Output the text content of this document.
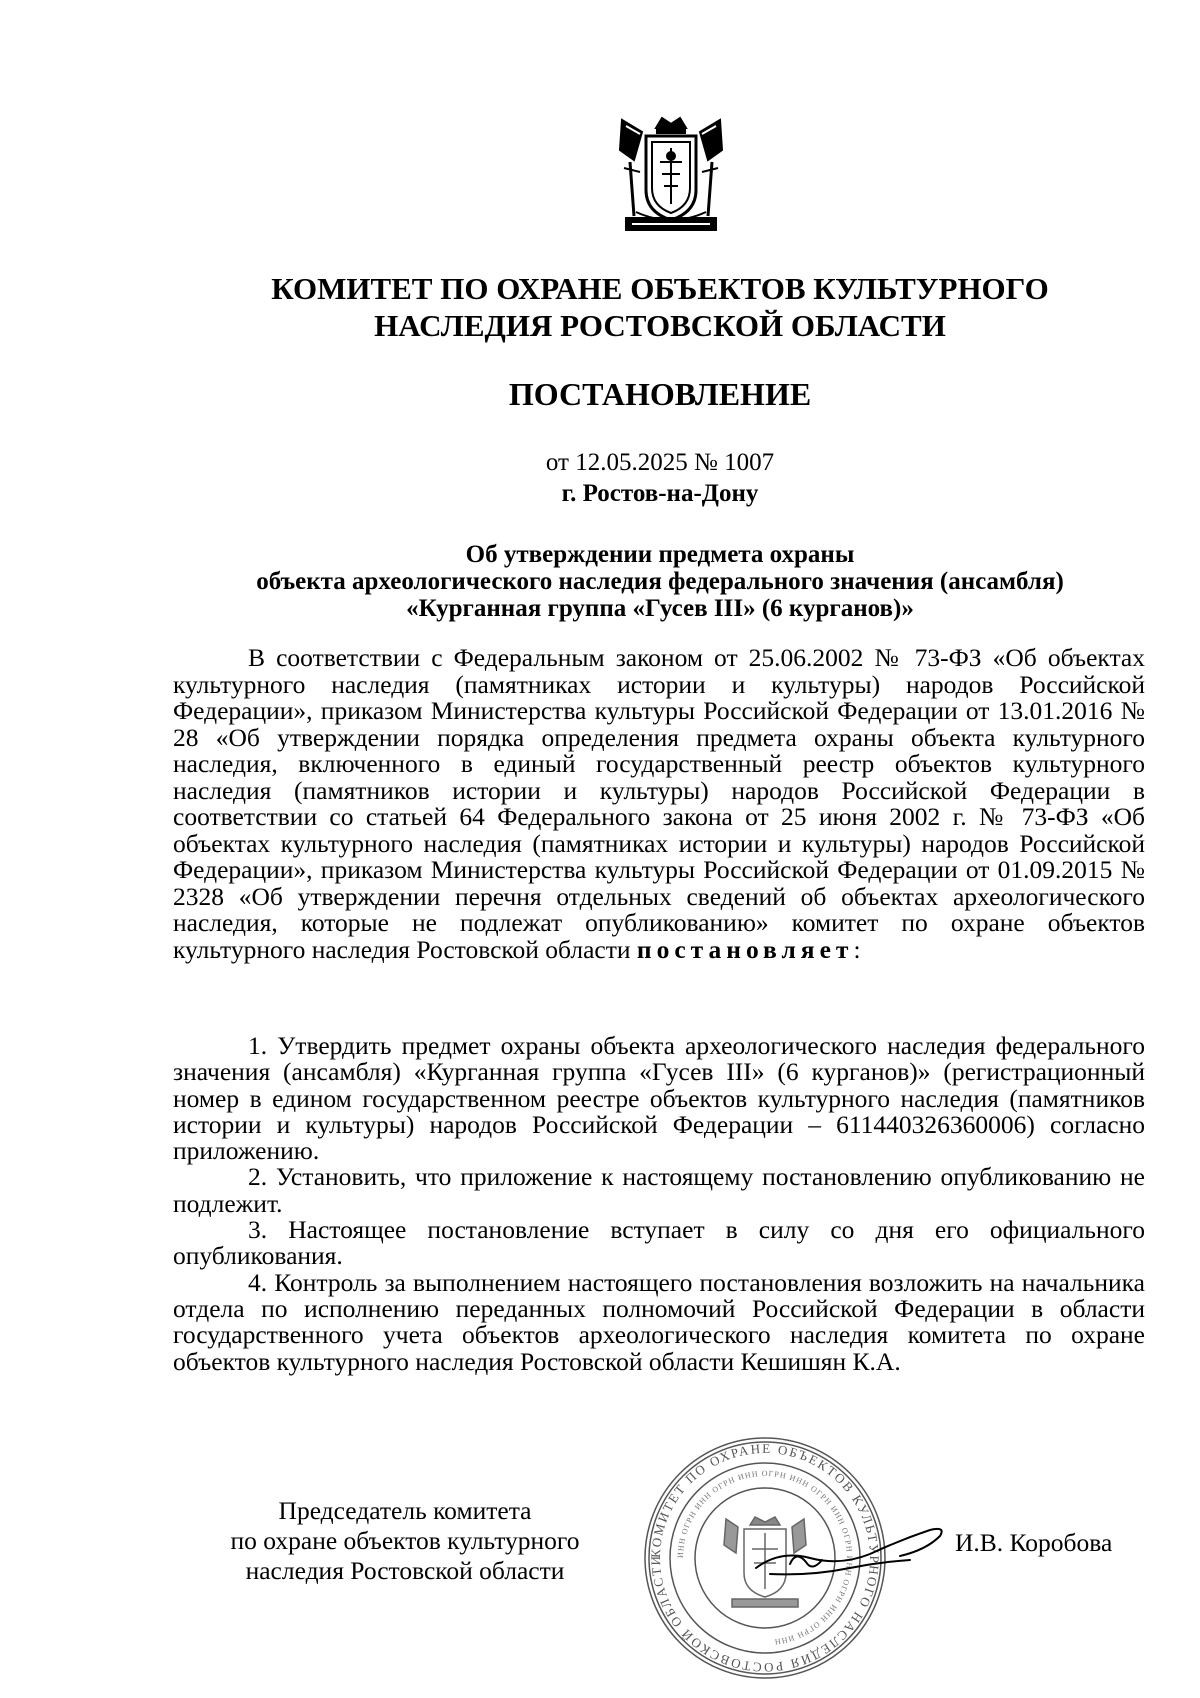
КОМИТЕТ ПО ОХРАНЕ ОБЪЕКТОВ КУЛЬТУРНОГО
НАСЛЕДИЯ РОСТОВСКОЙ ОБЛАСТИ
ПОСТАНОВЛЕНИЕ
от 12.05.2025 № 1007
г. Ростов-на-Дону
Об утверждении предмета охраны
объекта археологического наследия федерального значения (ансамбля)
«Курганная группа «Гусев III» (6 курганов)»

В соответствии с Федеральным законом от 25.06.2002 № 73-ФЗ «Об объектах культурного наследия (памятниках истории и культуры) народов Российской Федерации», приказом Министерства культуры Российской Федерации от 13.01.2016 № 28 «Об утверждении порядка определения предмета охраны объекта культурного наследия, включенного в единый государственный реестр объектов культурного наследия (памятников истории и культуры) народов Российской Федерации в соответствии со статьей 64 Федерального закона от 25 июня 2002 г. № 73-ФЗ «Об объектах культурного наследия (памятниках истории и культуры) народов Российской Федерации», приказом Министерства культуры Российской Федерации от 01.09.2015 № 2328 «Об утверждении перечня отдельных сведений об объектах археологического наследия, которые не подлежат опубликованию» комитет по охране объектов культурного наследия Ростовской области постановляет:

1. Утвердить предмет охраны объекта археологического наследия федерального значения (ансамбля) «Курганная группа «Гусев III» (6 курганов)» (регистрационный номер в едином государственном реестре объектов культурного наследия (памятников истории и культуры) народов Российской Федерации – 611440326360006) согласно приложению.

2. Установить, что приложение к настоящему постановлению опубликованию не подлежит.

3. Настоящее постановление вступает в силу со дня его официального опубликования.

4. Контроль за выполнением настоящего постановления возложить на начальника отдела по исполнению переданных полномочий Российской Федерации в области государственного учета объектов археологического наследия комитета по охране объектов культурного наследия Ростовской области Кешишян К.А.

Председатель комитета
по охране объектов культурного
наследия Ростовской области
КОМИТЕТ ПО ОХРАНЕ ОБЪЕКТОВ КУЛЬТУРНОГО НАСЛЕДИЯ РОСТОВСКОЙ ОБЛАСТИ	ИНН ОГРН ИНН ОГРН ИНН ОГРН ИНН ОГРН ИНН ОГРН ИНН ОГРН ИНН ОГРН ИНН
И.В. Коробова
